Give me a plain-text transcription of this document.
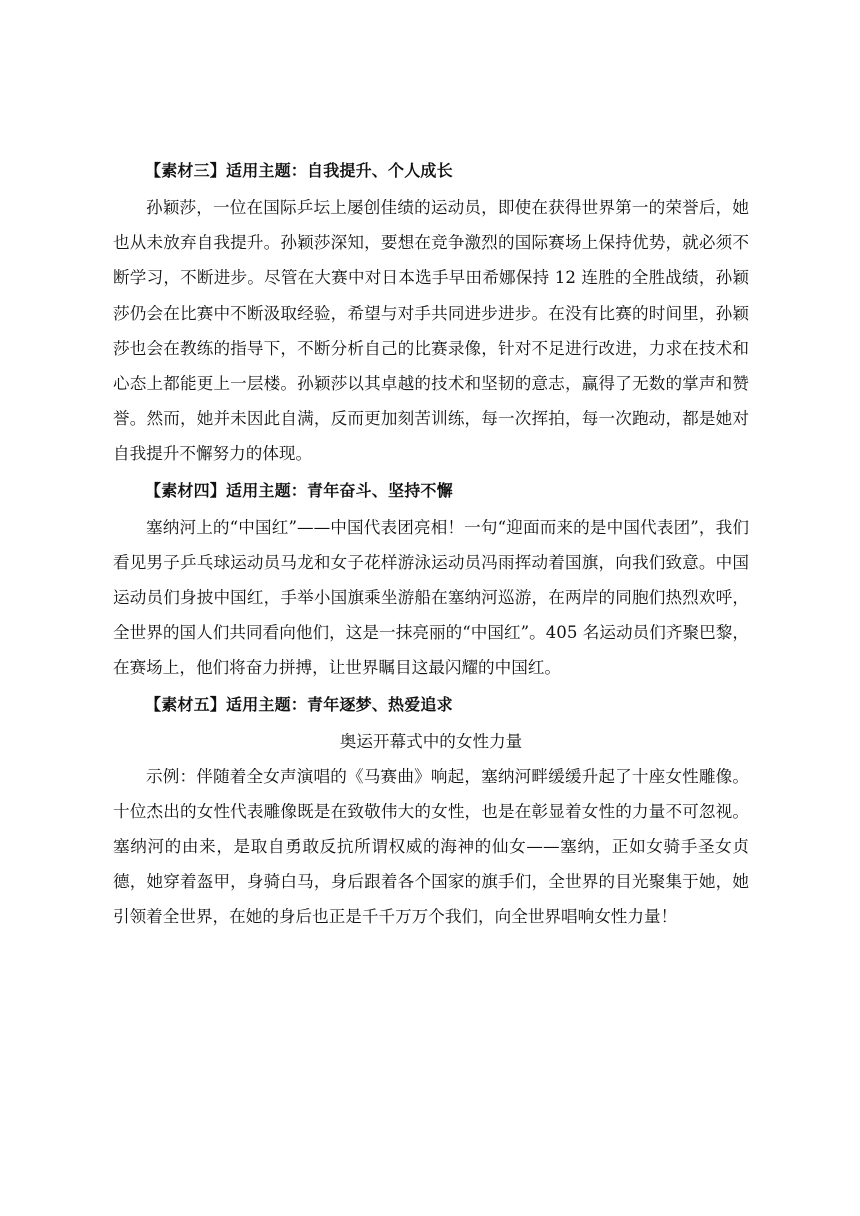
【素材三】适用主题：自我提升、个人成长

孙颖莎，一位在国际乒坛上屡创佳绩的运动员，即使在获得世界第一的荣誉后，她也从未放弃自我提升。孙颖莎深知，要想在竞争激烈的国际赛场上保持优势，就必须不断学习，不断进步。尽管在大赛中对日本选手早田希娜保持 12 连胜的全胜战绩，孙颖莎仍会在比赛中不断汲取经验，希望与对手共同进步进步。在没有比赛的时间里，孙颖莎也会在教练的指导下，不断分析自己的比赛录像，针对不足进行改进，力求在技术和心态上都能更上一层楼。孙颖莎以其卓越的技术和坚韧的意志，赢得了无数的掌声和赞誉。然而，她并未因此自满，反而更加刻苦训练，每一次挥拍，每一次跑动，都是她对自我提升不懈努力的体现。

【素材四】适用主题：青年奋斗、坚持不懈

塞纳河上的“中国红”——中国代表团亮相！一句“迎面而来的是中国代表团”，我们看见男子乒乓球运动员马龙和女子花样游泳运动员冯雨挥动着国旗，向我们致意。中国运动员们身披中国红，手举小国旗乘坐游船在塞纳河巡游，在两岸的同胞们热烈欢呼，全世界的国人们共同看向他们，这是一抹亮丽的“中国红”。405 名运动员们齐聚巴黎，在赛场上，他们将奋力拼搏，让世界瞩目这最闪耀的中国红。

【素材五】适用主题：青年逐梦、热爱追求

奥运开幕式中的女性力量

示例：伴随着全女声演唱的《马赛曲》响起，塞纳河畔缓缓升起了十座女性雕像。十位杰出的女性代表雕像既是在致敬伟大的女性，也是在彰显着女性的力量不可忽视。塞纳河的由来，是取自勇敢反抗所谓权威的海神的仙女——塞纳，正如女骑手圣女贞德，她穿着盔甲，身骑白马，身后跟着各个国家的旗手们，全世界的目光聚集于她，她引领着全世界，在她的身后也正是千千万万个我们，向全世界唱响女性力量！
